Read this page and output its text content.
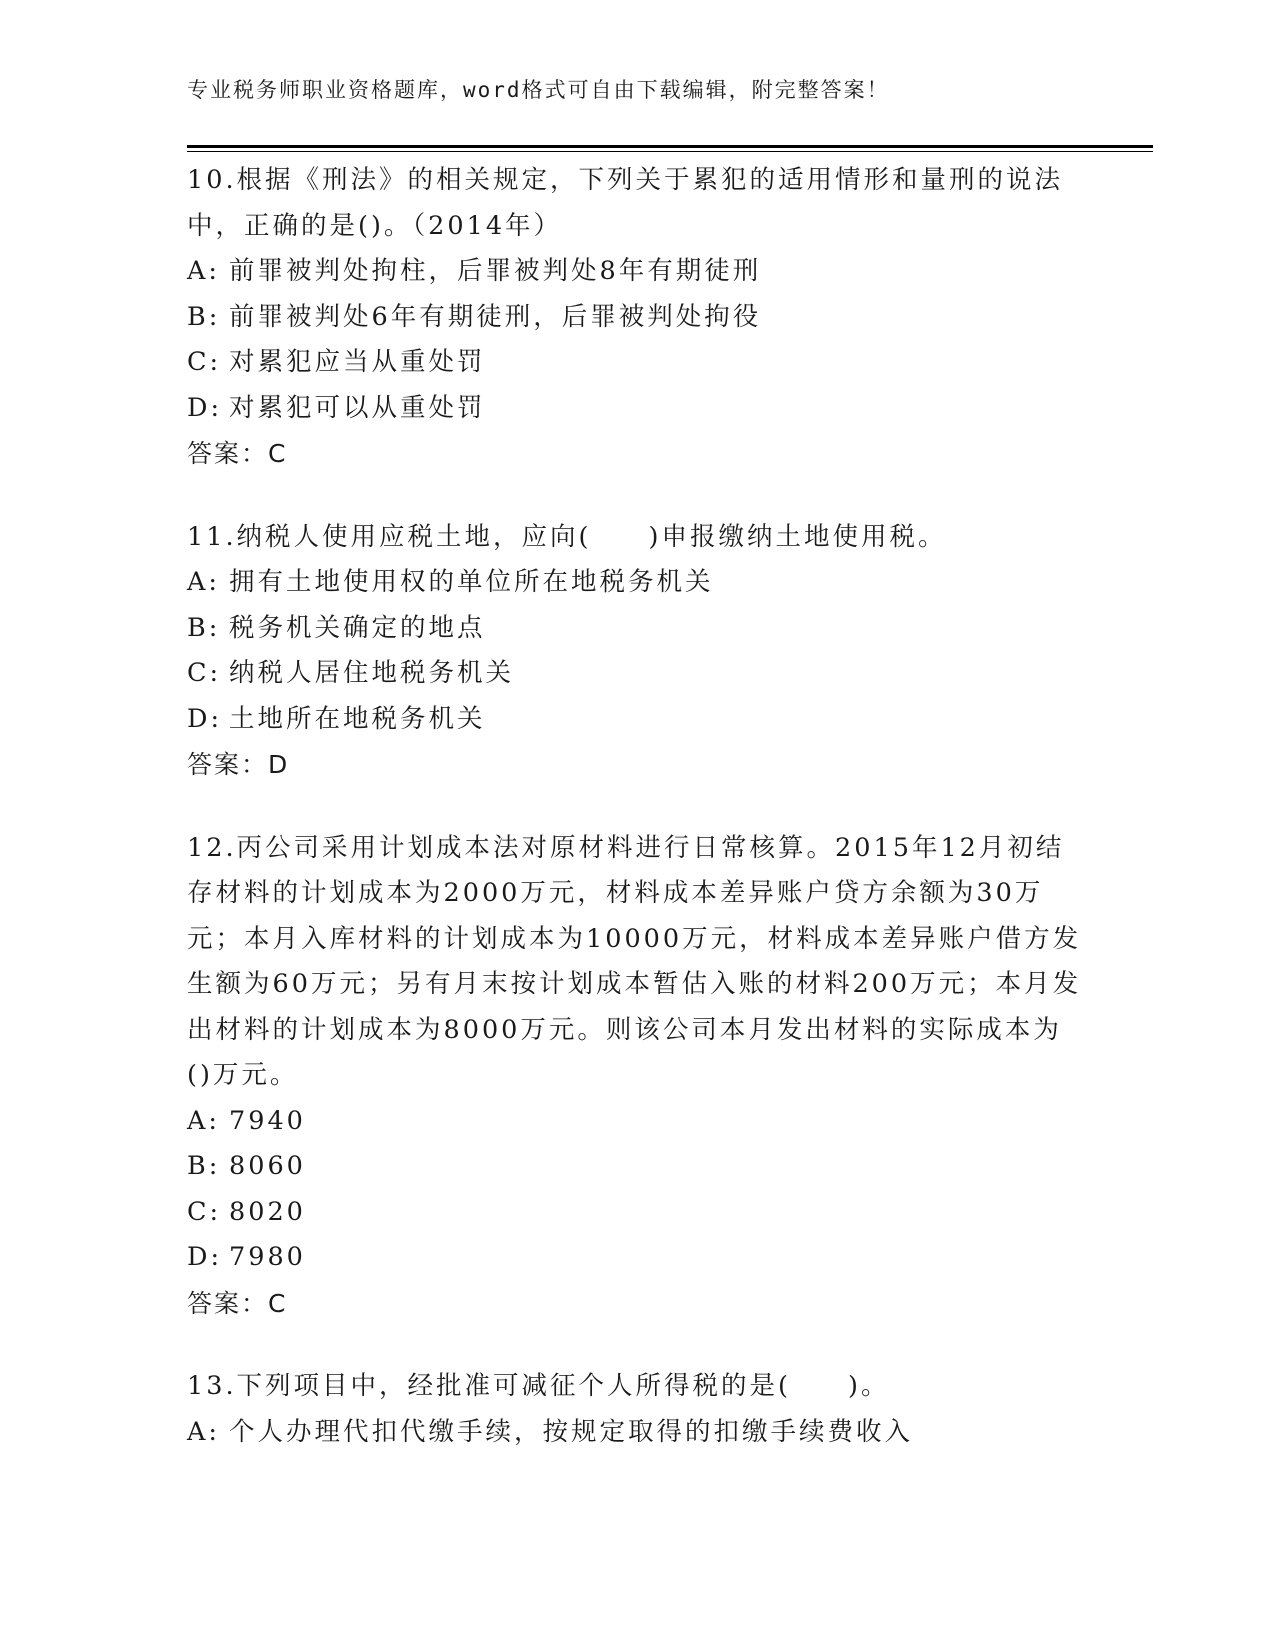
专业税务师职业资格题库，word格式可自由下载编辑，附完整答案！

10.根据《刑法》的相关规定，下列关于累犯的适用情形和量刑的说法中，正确的是()。（2014年）

A: 前罪被判处拘柱，后罪被判处8年有期徒刑

B: 前罪被判处6年有期徒刑，后罪被判处拘役

C: 对累犯应当从重处罚

D: 对累犯可以从重处罚

答案：C

11.纳税人使用应税土地，应向(　　)申报缴纳土地使用税。

A: 拥有土地使用权的单位所在地税务机关

B: 税务机关确定的地点

C: 纳税人居住地税务机关

D: 土地所在地税务机关

答案：D

12.丙公司采用计划成本法对原材料进行日常核算。2015年12月初结存材料的计划成本为2000万元，材料成本差异账户贷方余额为30万元；本月入库材料的计划成本为10000万元，材料成本差异账户借方发生额为60万元；另有月末按计划成本暂估入账的材料200万元；本月发出材料的计划成本为8000万元。则该公司本月发出材料的实际成本为()万元。

A: 7940

B: 8060

C: 8020

D: 7980

答案：C

13.下列项目中，经批准可减征个人所得税的是(　　)。

A: 个人办理代扣代缴手续，按规定取得的扣缴手续费收入
